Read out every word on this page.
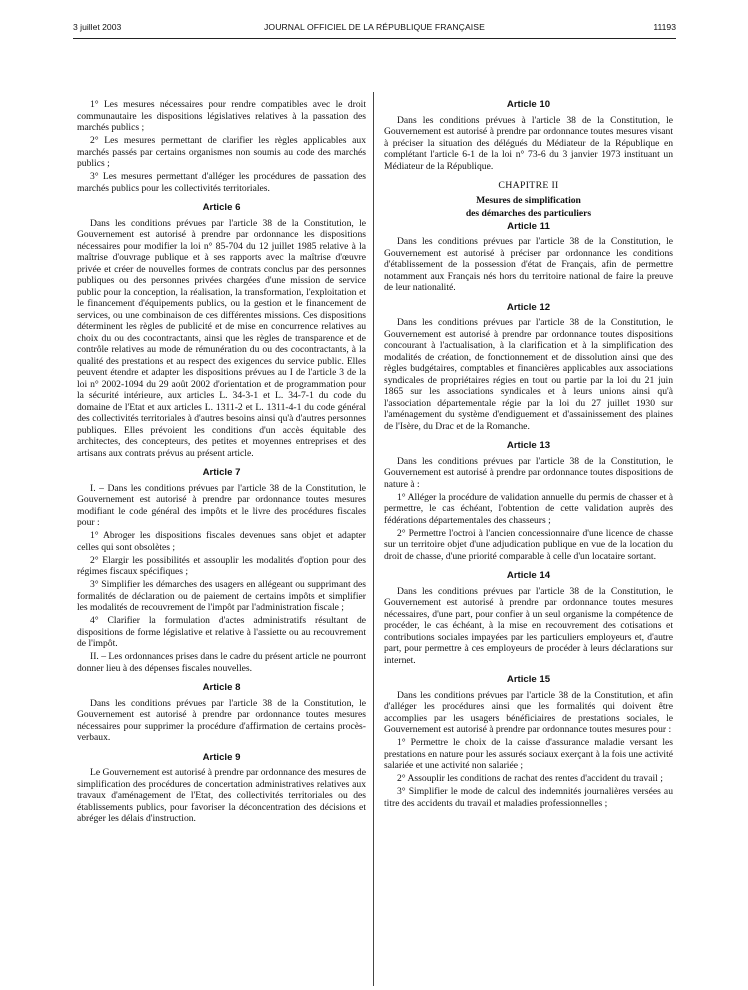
3 juillet 2003	JOURNAL OFFICIEL DE LA RÉPUBLIQUE FRANÇAISE	11193

1° Les mesures nécessaires pour rendre compatibles avec le droit communautaire les dispositions législatives relatives à la passation des marchés publics ;

2° Les mesures permettant de clarifier les règles applicables aux marchés passés par certains organismes non soumis au code des marchés publics ;

3° Les mesures permettant d'alléger les procédures de passation des marchés publics pour les collectivités territoriales.

Article 6

Dans les conditions prévues par l'article 38 de la Constitution, le Gouvernement est autorisé à prendre par ordonnance les dispositions nécessaires pour modifier la loi n° 85-704 du 12 juillet 1985 relative à la maîtrise d'ouvrage publique et à ses rapports avec la maîtrise d'œuvre privée et créer de nouvelles formes de contrats conclus par des personnes publiques ou des personnes privées chargées d'une mission de service public pour la conception, la réalisation, la transformation, l'exploitation et le financement d'équipements publics, ou la gestion et le financement de services, ou une combinaison de ces différentes missions. Ces dispositions déterminent les règles de publicité et de mise en concurrence relatives au choix du ou des cocontractants, ainsi que les règles de transparence et de contrôle relatives au mode de rémunération du ou des cocontractants, à la qualité des prestations et au respect des exigences du service public. Elles peuvent étendre et adapter les dispositions prévues au I de l'article 3 de la loi n° 2002-1094 du 29 août 2002 d'orientation et de programmation pour la sécurité intérieure, aux articles L. 34-3-1 et L. 34-7-1 du code du domaine de l'Etat et aux articles L. 1311-2 et L. 1311-4-1 du code général des collectivités territoriales à d'autres besoins ainsi qu'à d'autres personnes publiques. Elles prévoient les conditions d'un accès équitable des architectes, des concepteurs, des petites et moyennes entreprises et des artisans aux contrats prévus au présent article.

Article 7

I. – Dans les conditions prévues par l'article 38 de la Constitution, le Gouvernement est autorisé à prendre par ordonnance toutes mesures modifiant le code général des impôts et le livre des procédures fiscales pour :

1° Abroger les dispositions fiscales devenues sans objet et adapter celles qui sont obsolètes ;

2° Elargir les possibilités et assouplir les modalités d'option pour des régimes fiscaux spécifiques ;

3° Simplifier les démarches des usagers en allégeant ou supprimant des formalités de déclaration ou de paiement de certains impôts et simplifier les modalités de recouvrement de l'impôt par l'administration fiscale ;

4° Clarifier la formulation d'actes administratifs résultant de dispositions de forme législative et relative à l'assiette ou au recouvrement de l'impôt.

II. – Les ordonnances prises dans le cadre du présent article ne pourront donner lieu à des dépenses fiscales nouvelles.

Article 8

Dans les conditions prévues par l'article 38 de la Constitution, le Gouvernement est autorisé à prendre par ordonnance toutes mesures nécessaires pour supprimer la procédure d'affirmation de certains procès-verbaux.

Article 9

Le Gouvernement est autorisé à prendre par ordonnance des mesures de simplification des procédures de concertation administratives relatives aux travaux d'aménagement de l'Etat, des collectivités territoriales ou des établissements publics, pour favoriser la déconcentration des décisions et abréger les délais d'instruction.

Article 10

Dans les conditions prévues à l'article 38 de la Constitution, le Gouvernement est autorisé à prendre par ordonnance toutes mesures visant à préciser la situation des délégués du Médiateur de la République en complétant l'article 6-1 de la loi n° 73-6 du 3 janvier 1973 instituant un Médiateur de la République.

CHAPITRE II
Mesures de simplification
des démarches des particuliers
Article 11

Dans les conditions prévues par l'article 38 de la Constitution, le Gouvernement est autorisé à préciser par ordonnance les conditions d'établissement de la possession d'état de Français, afin de permettre notamment aux Français nés hors du territoire national de faire la preuve de leur nationalité.

Article 12

Dans les conditions prévues par l'article 38 de la Constitution, le Gouvernement est autorisé à prendre par ordonnance toutes dispositions concourant à l'actualisation, à la clarification et à la simplification des modalités de création, de fonctionnement et de dissolution ainsi que des règles budgétaires, comptables et financières applicables aux associations syndicales de propriétaires régies en tout ou partie par la loi du 21 juin 1865 sur les associations syndicales et à leurs unions ainsi qu'à l'association départementale régie par la loi du 27 juillet 1930 sur l'aménagement du système d'endiguement et d'assainissement des plaines de l'Isère, du Drac et de la Romanche.

Article 13

Dans les conditions prévues par l'article 38 de la Constitution, le Gouvernement est autorisé à prendre par ordonnance toutes dispositions de nature à :

1° Alléger la procédure de validation annuelle du permis de chasser et à permettre, le cas échéant, l'obtention de cette validation auprès des fédérations départementales des chasseurs ;

2° Permettre l'octroi à l'ancien concessionnaire d'une licence de chasse sur un territoire objet d'une adjudication publique en vue de la location du droit de chasse, d'une priorité comparable à celle d'un locataire sortant.

Article 14

Dans les conditions prévues par l'article 38 de la Constitution, le Gouvernement est autorisé à prendre par ordonnance toutes mesures nécessaires, d'une part, pour confier à un seul organisme la compétence de procéder, le cas échéant, à la mise en recouvrement des cotisations et contributions sociales impayées par les particuliers employeurs et, d'autre part, pour permettre à ces employeurs de procéder à leurs déclarations sur internet.

Article 15

Dans les conditions prévues par l'article 38 de la Constitution, et afin d'alléger les procédures ainsi que les formalités qui doivent être accomplies par les usagers bénéficiaires de prestations sociales, le Gouvernement est autorisé à prendre par ordonnance toutes mesures pour :

1° Permettre le choix de la caisse d'assurance maladie versant les prestations en nature pour les assurés sociaux exerçant à la fois une activité salariée et une activité non salariée ;

2° Assouplir les conditions de rachat des rentes d'accident du travail ;

3° Simplifier le mode de calcul des indemnités journalières versées au titre des accidents du travail et maladies professionnelles ;
